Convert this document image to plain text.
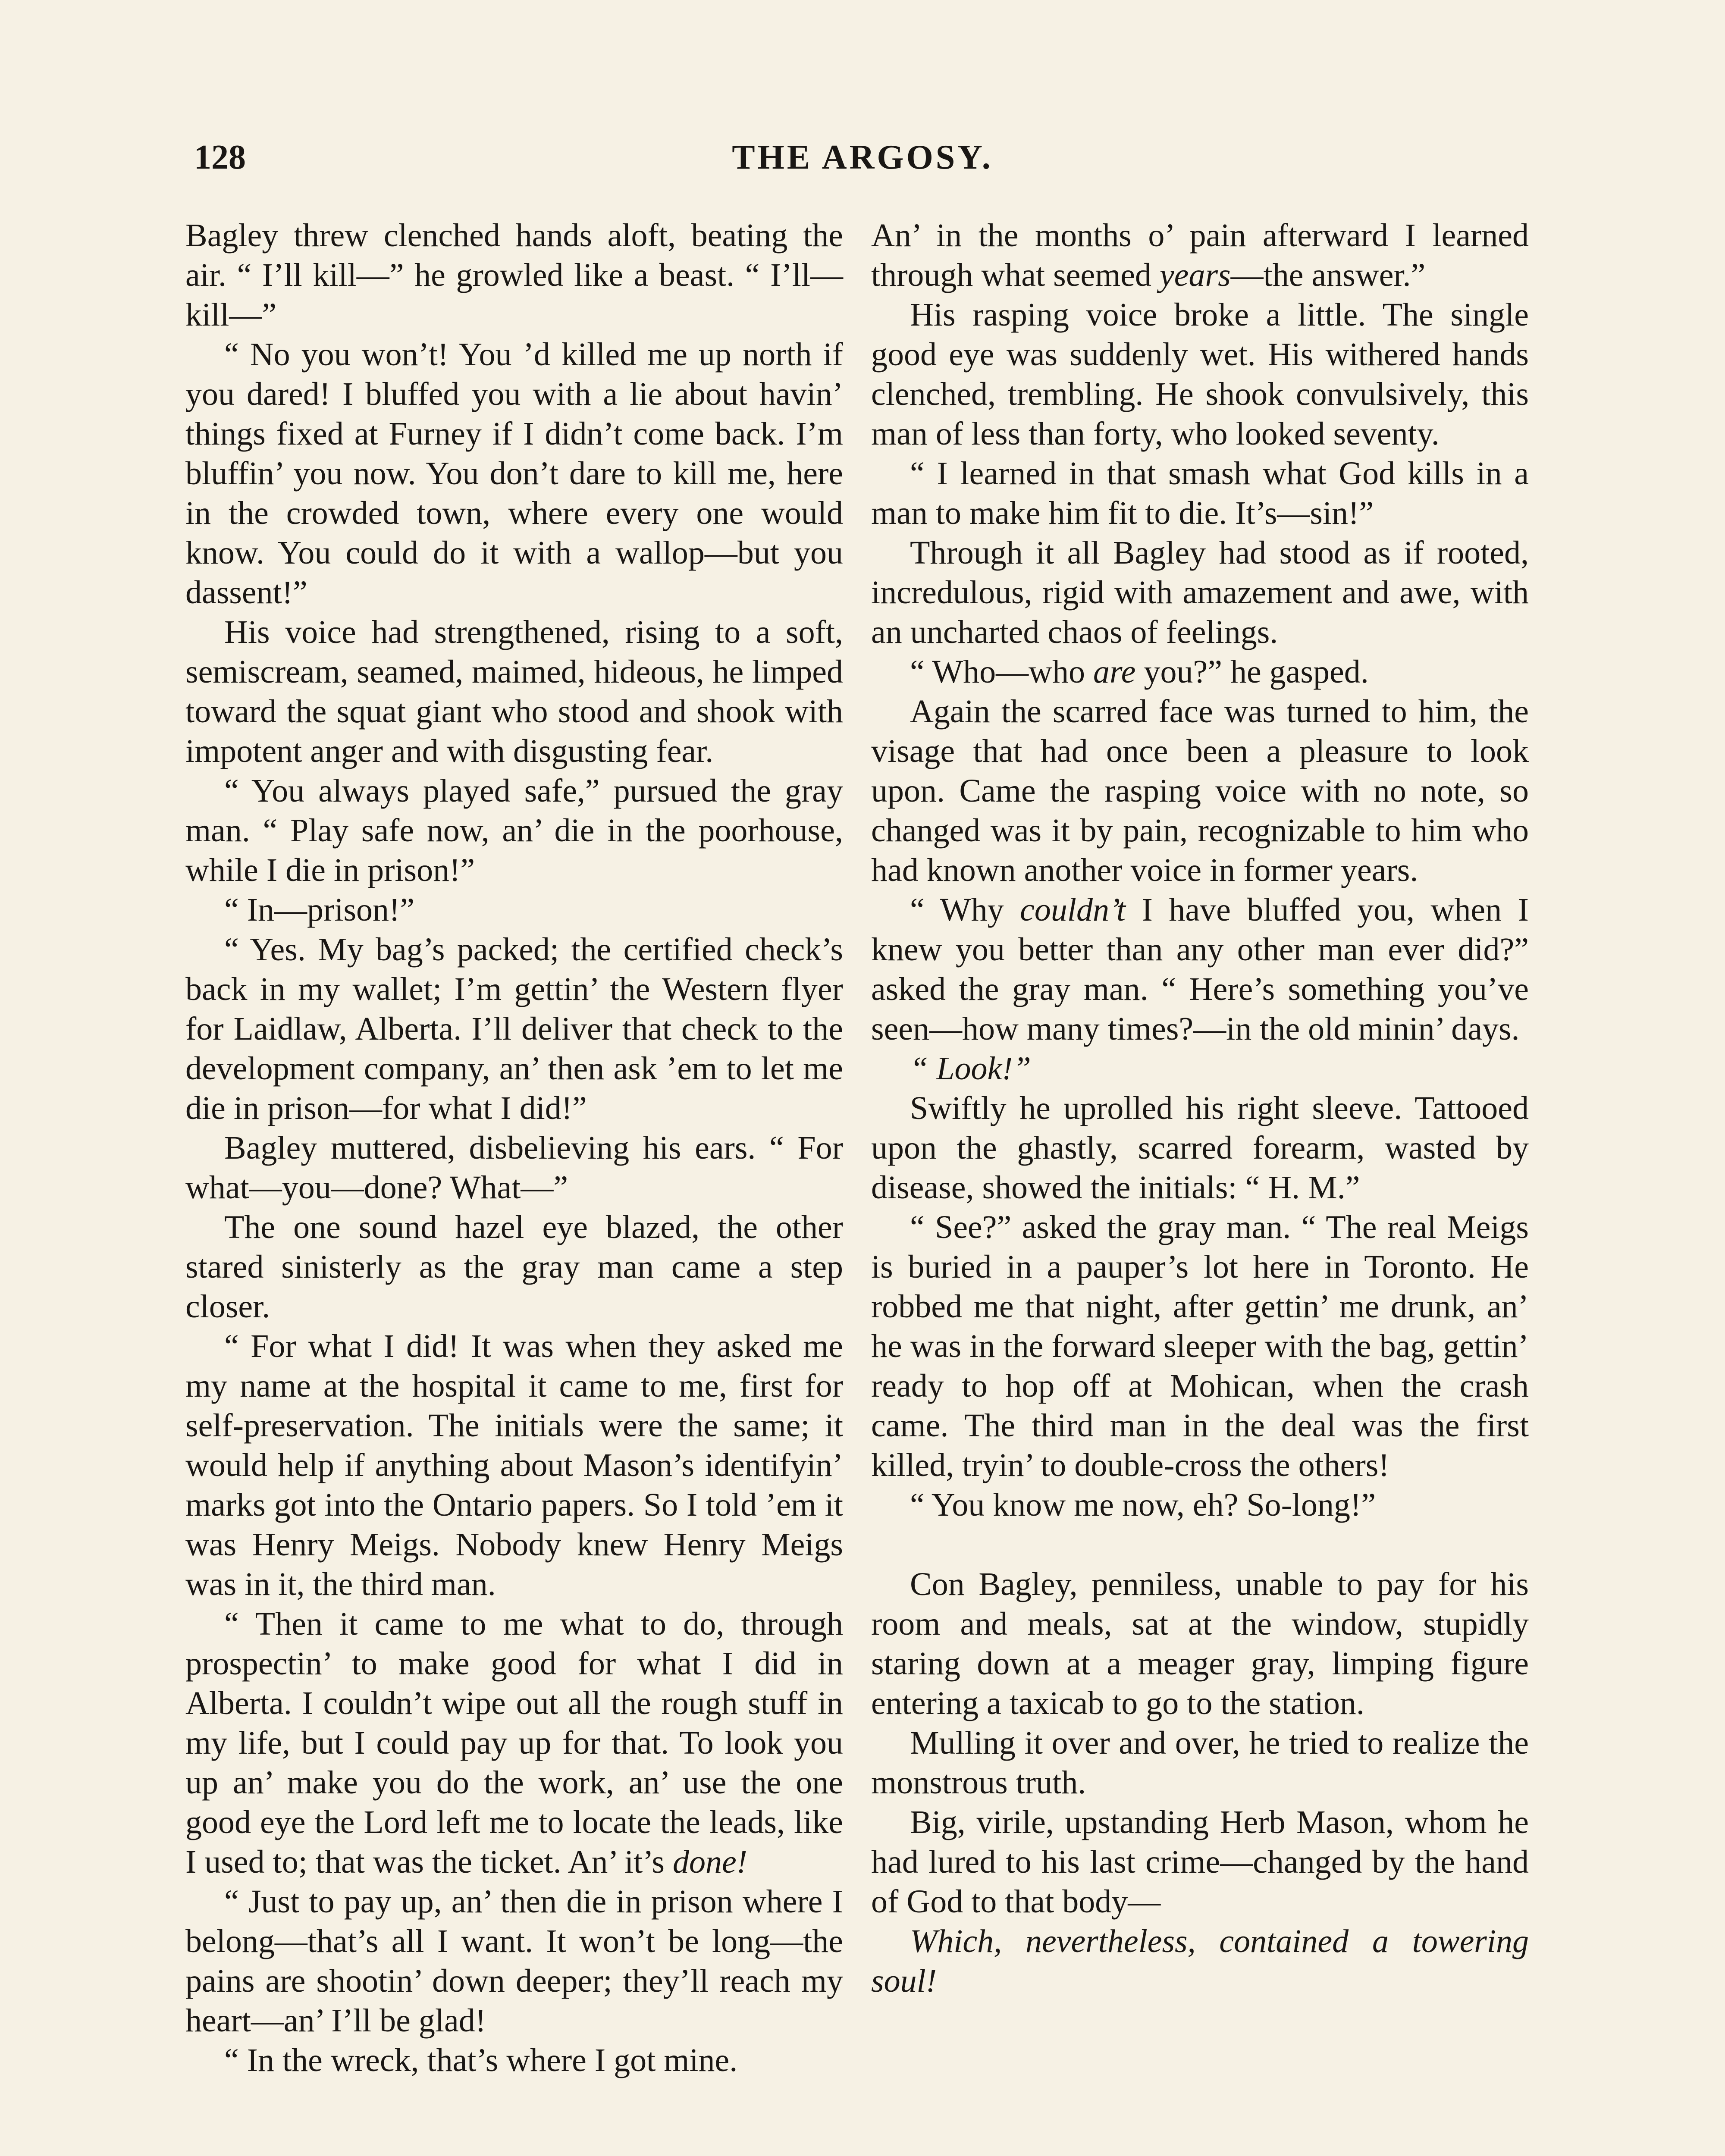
128	THE ARGOSY.

Bagley threw clenched hands aloft, beating the air. “ I’ll kill—” he growled like a beast. “ I’ll—kill—”

“ No you won’t! You ’d killed me up north if you dared! I bluffed you with a lie about havin’ things fixed at Furney if I didn’t come back. I’m bluffin’ you now. You don’t dare to kill me, here in the crowded town, where every one would know. You could do it with a wallop—but you dassent!”

His voice had strengthened, rising to a soft, semiscream, seamed, maimed, hideous, he limped toward the squat giant who stood and shook with impotent anger and with disgusting fear.

“ You always played safe,” pursued the gray man. “ Play safe now, an’ die in the poorhouse, while I die in prison!”

“ In—prison!”

“ Yes. My bag’s packed; the certified check’s back in my wallet; I’m gettin’ the Western flyer for Laidlaw, Alberta. I’ll deliver that check to the development company, an’ then ask ’em to let me die in prison—for what I did!”

Bagley muttered, disbelieving his ears. “ For what—you—done? What—”

The one sound hazel eye blazed, the other stared sinisterly as the gray man came a step closer.

“ For what I did! It was when they asked me my name at the hospital it came to me, first for self-preservation. The initials were the same; it would help if anything about Mason’s identifyin’ marks got into the Ontario papers. So I told ’em it was Henry Meigs. Nobody knew Henry Meigs was in it, the third man.

“ Then it came to me what to do, through prospectin’ to make good for what I did in Alberta. I couldn’t wipe out all the rough stuff in my life, but I could pay up for that. To look you up an’ make you do the work, an’ use the one good eye the Lord left me to locate the leads, like I used to; that was the ticket. An’ it’s done!

“ Just to pay up, an’ then die in prison where I belong—that’s all I want. It won’t be long—the pains are shootin’ down deeper; they’ll reach my heart—an’ I’ll be glad!

“ In the wreck, that’s where I got mine.

An’ in the months o’ pain afterward I learned through what seemed years—the answer.”

His rasping voice broke a little. The single good eye was suddenly wet. His withered hands clenched, trembling. He shook convulsively, this man of less than forty, who looked seventy.

“ I learned in that smash what God kills in a man to make him fit to die. It’s—sin!”

Through it all Bagley had stood as if rooted, incredulous, rigid with amazement and awe, with an uncharted chaos of feelings.

“ Who—who are you?” he gasped.

Again the scarred face was turned to him, the visage that had once been a pleasure to look upon. Came the rasping voice with no note, so changed was it by pain, recognizable to him who had known another voice in former years.

“ Why couldn’t I have bluffed you, when I knew you better than any other man ever did?” asked the gray man. “ Here’s something you’ve seen—how many times?—in the old minin’ days.

“ Look!”

Swiftly he uprolled his right sleeve. Tattooed upon the ghastly, scarred forearm, wasted by disease, showed the initials: “ H. M.”

“ See?” asked the gray man. “ The real Meigs is buried in a pauper’s lot here in Toronto. He robbed me that night, after gettin’ me drunk, an’ he was in the forward sleeper with the bag, gettin’ ready to hop off at Mohican, when the crash came. The third man in the deal was the first killed, tryin’ to double-cross the others!

“ You know me now, eh? So-long!”

Con Bagley, penniless, unable to pay for his room and meals, sat at the window, stupidly staring down at a meager gray, limping figure entering a taxicab to go to the station.

Mulling it over and over, he tried to realize the monstrous truth.

Big, virile, upstanding Herb Mason, whom he had lured to his last crime—changed by the hand of God to that body—

Which, nevertheless, contained a towering soul!
